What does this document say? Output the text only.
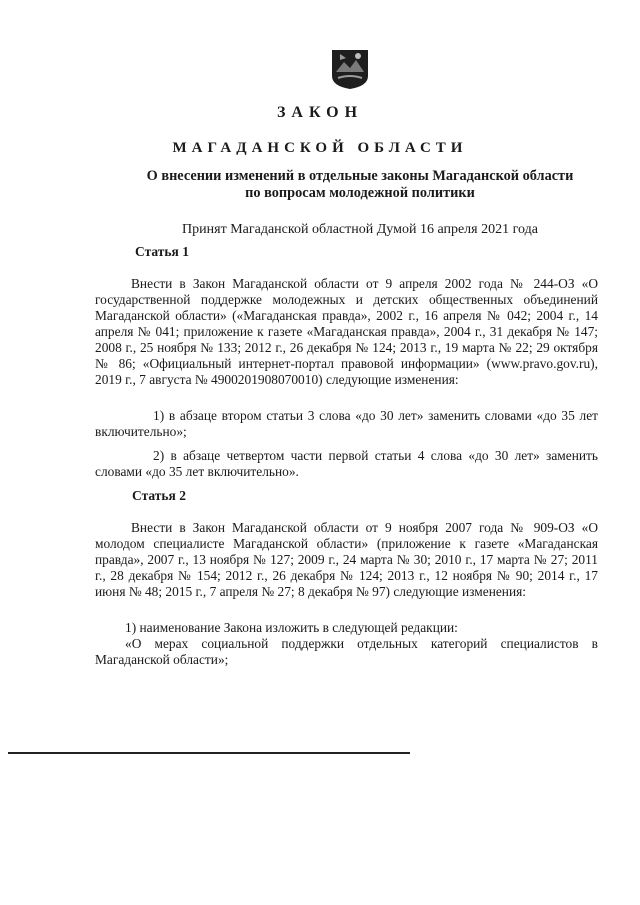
ЗАКОН
МАГАДАНСКОЙ ОБЛАСТИ
О внесении изменений в отдельные законы Магаданской области
по вопросам молодежной политики
Принят Магаданской областной Думой 16 апреля 2021 года
Статья 1

Внести в Закон Магаданской области от 9 апреля 2002 года № 244-ОЗ «О государственной поддержке молодежных и детских общественных объединений Магаданской области» («Магаданская правда», 2002 г., 16 апреля № 042; 2004 г., 14 апреля № 041; приложение к газете «Магаданская правда», 2004 г., 31 декабря № 147; 2008 г., 25 ноября № 133; 2012 г., 26 декабря № 124; 2013 г., 19 марта № 22; 29 октября № 86; «Официальный интернет-портал правовой информации» (www.pravo.gov.ru), 2019 г., 7 августа № 4900201908070010) следующие изменения:

1) в абзаце втором статьи 3 слова «до 30 лет» заменить словами «до 35 лет включительно»;

2) в абзаце четвертом части первой статьи 4 слова «до 30 лет» заменить словами «до 35 лет включительно».

Статья 2

Внести в Закон Магаданской области от 9 ноября 2007 года № 909-ОЗ «О молодом специалисте Магаданской области» (приложение к газете «Магаданская правда», 2007 г., 13 ноября № 127; 2009 г., 24 марта № 30; 2010 г., 17 марта № 27; 2011 г., 28 декабря № 154; 2012 г., 26 декабря № 124; 2013 г., 12 ноября № 90; 2014 г., 17 июня № 48; 2015 г., 7 апреля № 27; 8 декабря № 97) следующие изменения:

1) наименование Закона изложить в следующей редакции:

«О мерах социальной поддержки отдельных категорий специалистов в Магаданской области»;
